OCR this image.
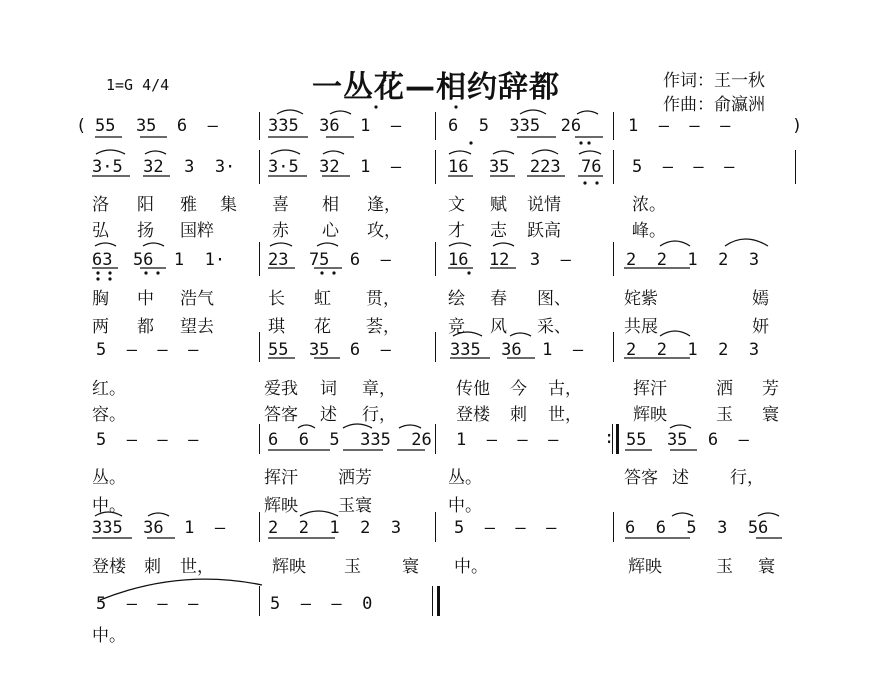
1=G 4/4	一丛花—相约辞都	作词：王一秋
作曲：俞瀛洲
( 55  35  6  —	335  36  1  —	6  5  335  26	1  —  —  —	)
3·5  32  3  3· 3·5  32  1  —	16  35  223  76 5  —  —  —
洛 阳 雅 集 喜 相 逢，	文 赋 说情	浓。
弘 扬 国粹	赤 心 攻，	才 志 跃高	峰。
63  56  1  1·	23  75  6  —	16  12  3  —	2  2  1  2  3
胸 中 浩气	长 虹 贯，	绘 春 图、	姹紫	嫣
两 都 望去	琪 花 荟，	竞 风 采、	共展	妍
5  —  —  —	55  35  6  —	335  36  1  —	2  2  1  2  3
红。	爱我 词 章，	传他 今 古，	挥汗	洒 芳
容。	答客 述 行，	登楼 刺 世，	辉映	玉 寰
5  —  —  —	6  6  5  335  26 1  —  —  —	55  35  6  —
:
丛。	挥汗 洒芳	丛。	答客 述 行，
中。	辉映 玉寰	中。
335  36  1  —	2  2  1  2  3	5  —  —  —	6  6  5  3  56
登楼 刺 世，	辉映 玉 寰 中。	辉映	玉 寰
5  —  —  —	5  —  —  0
中。
